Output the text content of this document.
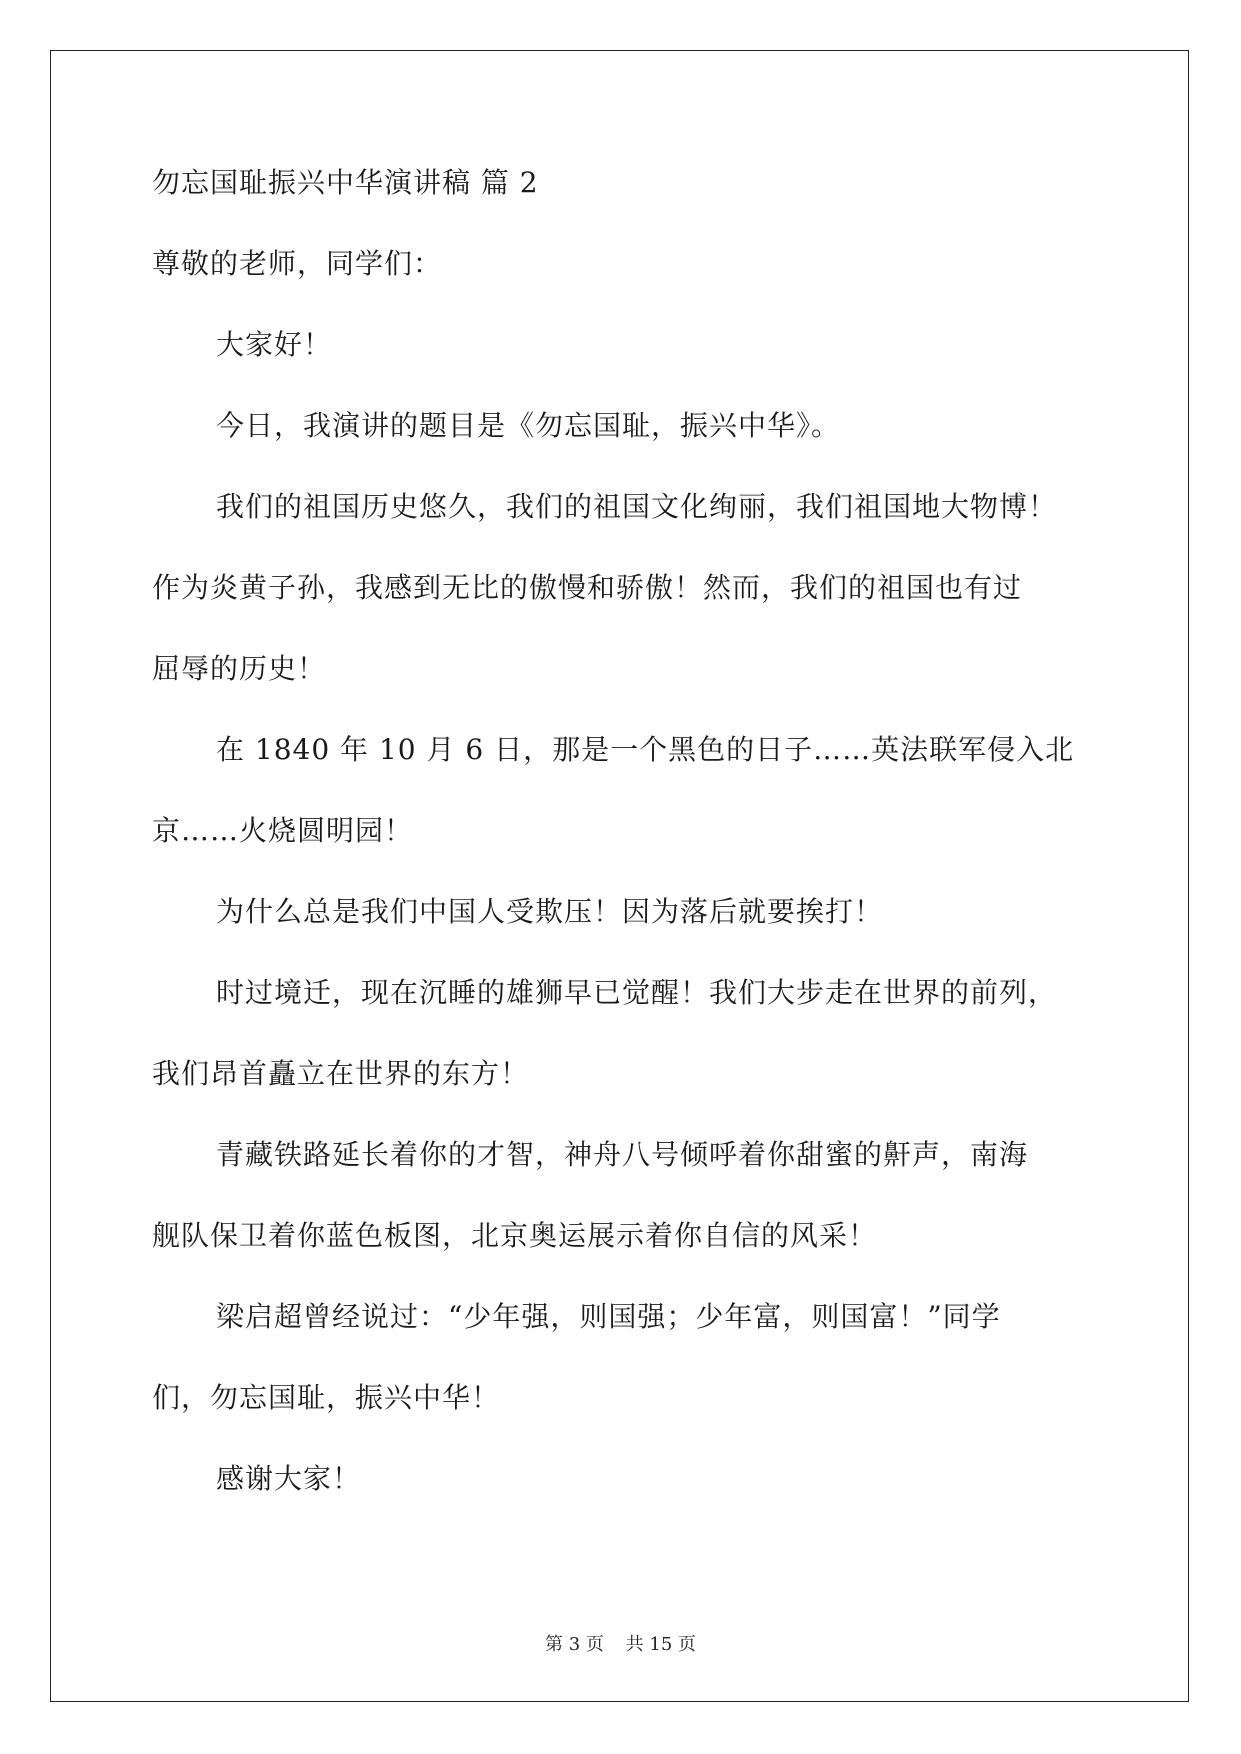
勿忘国耻振兴中华演讲稿 篇 2
尊敬的老师，同学们：
大家好！
今日，我演讲的题目是《勿忘国耻，振兴中华》。
我们的祖国历史悠久，我们的祖国文化绚丽，我们祖国地大物博！
作为炎黄子孙，我感到无比的傲慢和骄傲！然而，我们的祖国也有过
屈辱的历史！
在 1840 年 10 月 6 日，那是一个黑色的日子……英法联军侵入北
京……火烧圆明园！
为什么总是我们中国人受欺压！因为落后就要挨打！
时过境迁，现在沉睡的雄狮早已觉醒！我们大步走在世界的前列，
我们昂首矗立在世界的东方！
青藏铁路延长着你的才智，神舟八号倾呼着你甜蜜的鼾声，南海
舰队保卫着你蓝色板图，北京奥运展示着你自信的风采！
梁启超曾经说过：“少年强，则国强；少年富，则国富！”同学
们，勿忘国耻，振兴中华！
感谢大家！
第 3 页 共 15 页
